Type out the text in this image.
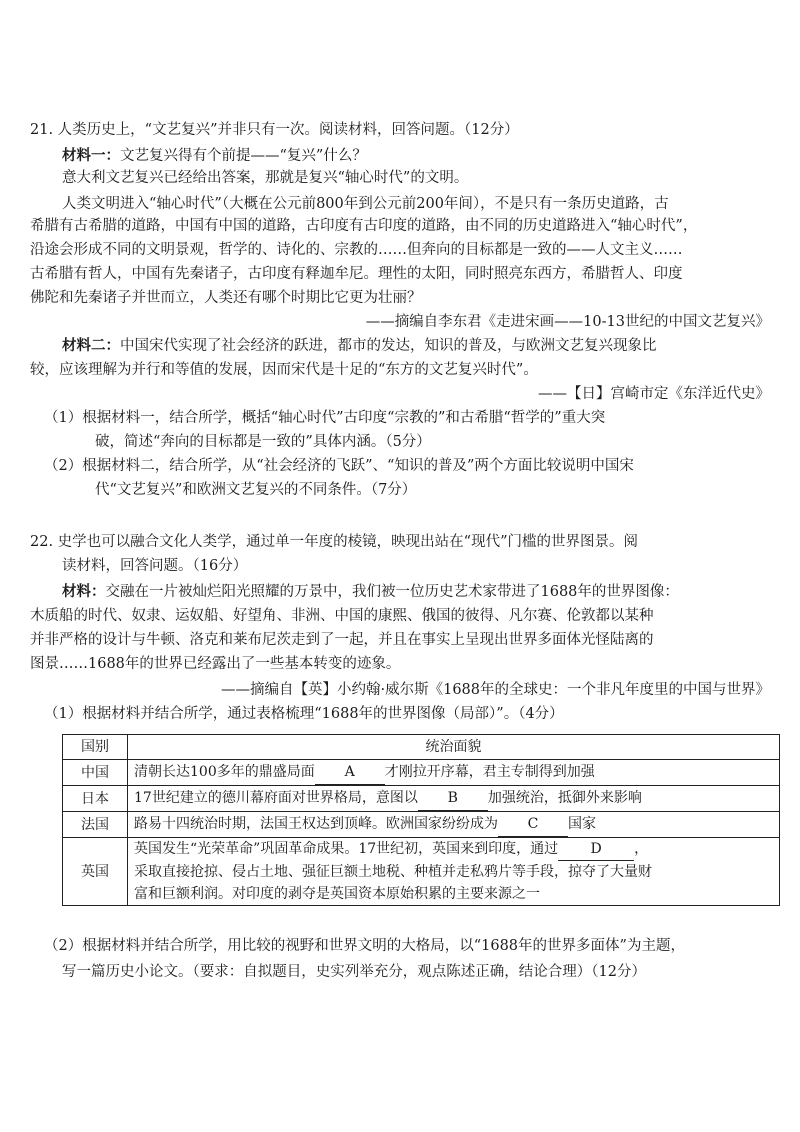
21. 人类历史上，“文艺复兴”并非只有一次。阅读材料，回答问题。（12分）
材料一：文艺复兴得有个前提——“复兴”什么？
意大利文艺复兴已经给出答案，那就是复兴“轴心时代”的文明。
人类文明进入“轴心时代”（大概在公元前800年到公元前200年间），不是只有一条历史道路，古
希腊有古希腊的道路，中国有中国的道路，古印度有古印度的道路，由不同的历史道路进入“轴心时代”，
沿途会形成不同的文明景观，哲学的、诗化的、宗教的……但奔向的目标都是一致的——人文主义……
古希腊有哲人，中国有先秦诸子，古印度有释迦牟尼。理性的太阳，同时照亮东西方，希腊哲人、印度
佛陀和先秦诸子并世而立，人类还有哪个时期比它更为壮丽？
——摘编自李东君《走进宋画——10-13世纪的中国文艺复兴》
材料二：中国宋代实现了社会经济的跃进，都市的发达，知识的普及，与欧洲文艺复兴现象比
较，应该理解为并行和等值的发展，因而宋代是十足的“东方的文艺复兴时代”。
——【日】宫崎市定《东洋近代史》
（1）根据材料一，结合所学，概括“轴心时代”古印度“宗教的”和古希腊“哲学的”重大突
破，简述“奔向的目标都是一致的”具体内涵。（5分）
（2）根据材料二，结合所学，从“社会经济的飞跃”、“知识的普及”两个方面比较说明中国宋
代“文艺复兴”和欧洲文艺复兴的不同条件。（7分）
22. 史学也可以融合文化人类学，通过单一年度的棱镜，映现出站在“现代”门槛的世界图景。阅
读材料，回答问题。（16分）
材料：交融在一片被灿烂阳光照耀的万景中，我们被一位历史艺术家带进了1688年的世界图像：
木质船的时代、奴隶、运奴船、好望角、非洲、中国的康熙、俄国的彼得、凡尔赛、伦敦都以某种
并非严格的设计与牛顿、洛克和莱布尼茨走到了一起，并且在事实上呈现出世界多面体光怪陆离的
图景……1688年的世界已经露出了一些基本转变的迹象。
——摘编自【英】小约翰·威尔斯《1688年的全球史：一个非凡年度里的中国与世界》
（1）根据材料并结合所学，通过表格梳理“1688年的世界图像（局部）”。（4分）
国别	统治面貌
中国	清朝长达100多年的鼎盛局面 A 才刚拉开序幕，君主专制得到加强
日本	17世纪建立的德川幕府面对世界格局，意图以 B 加强统治，抵御外来影响
法国	路易十四统治时期，法国王权达到顶峰。欧洲国家纷纷成为 C 国家
英国	英国发生“光荣革命”巩固革命成果。17世纪初，英国来到印度，通过 D ，
采取直接抢掠、侵占土地、强征巨额土地税、种植并走私鸦片等手段，掠夺了大量财
富和巨额利润。对印度的剥夺是英国资本原始积累的主要来源之一
（2）根据材料并结合所学，用比较的视野和世界文明的大格局，以“1688年的世界多面体”为主题，
写一篇历史小论文。（要求：自拟题目，史实列举充分，观点陈述正确，结论合理）（12分）
